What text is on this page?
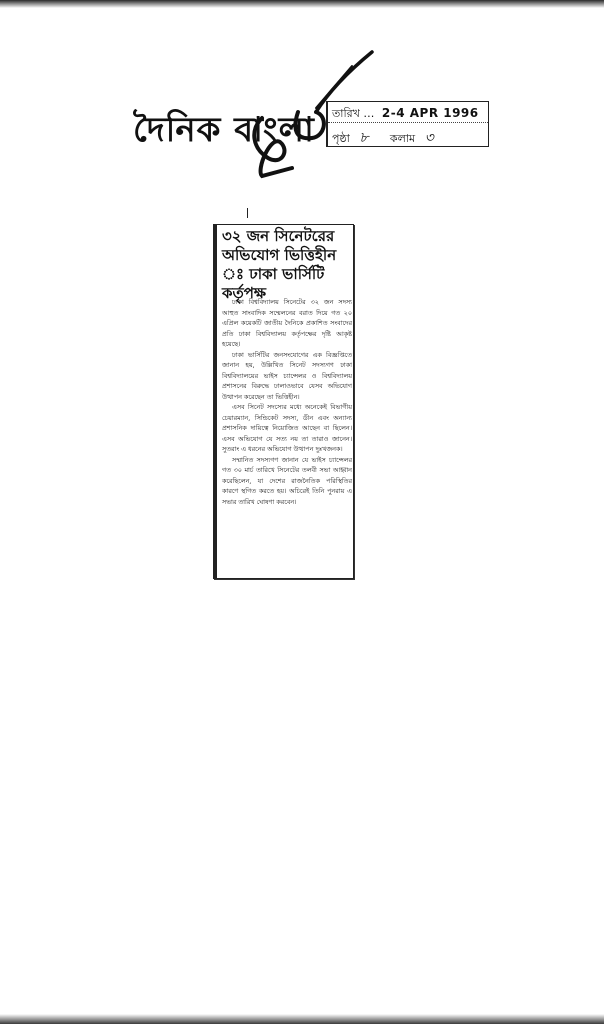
দৈনিক বাংলা তারিখ … 2-4 APR 1996
পৃষ্ঠা ৮ কলাম ৩
৩২ জন সিনেটরের অভিযোগ ভিত্তিহীন ঃ ঢাকা ভার্সিটি কর্তৃপক্ষ

ঢাকা বিশ্ববিদ্যালয় সিনেটের ৩২ জন সদস্য আহুত সাংবাদিক সম্মেলনের বরাত দিয়ে গত ২০ এপ্রিল কয়েকটি জাতীয় দৈনিকে প্রকাশিত সংবাদের প্রতি ঢাকা বিশ্ববিদ্যালয় কর্তৃপক্ষের দৃষ্টি আকৃষ্ট হয়েছে।

ঢাকা ভার্সিটির জনসংযোগের এক বিজ্ঞপ্তিতে জানান হয়, উল্লিখিত সিনেট সদস্যগণ ঢাকা বিশ্ববিদ্যালয়ের ভাইস চ্যান্সেলর ও বিশ্ববিদ্যালয় প্রশাসনের বিরুদ্ধে ঢালাওভাবে যেসব অভিযোগ উত্থাপন করেছেন তা ভিত্তিহীন।

এসব সিনেট সদস্যের মধ্যে অনেকেই বিভাগীয় চেয়ারম্যান, সিন্ডিকেট সদস্য, ডীন এবং অন্যান্য প্রশাসনিক দায়িত্বে নিয়োজিত আছেন বা ছিলেন। এসব অভিযোগ যে সত্য নয় তা তারাও জানেন। সুতরাং এ ধরনের অভিযোগ উত্থাপন দুঃখজনক।

সম্মানিত সদস্যগণ জানান যে ভাইস চ্যান্সেলর গত ৩০ মার্চ তারিখে সিনেটের তলবী সভা আহ্বান করেছিলেন, যা দেশের রাজনৈতিক পরিস্থিতির কারণে স্থগিত করতে হয়। অচিরেই তিনি পুনরায় এ সভার তারিখ ঘোষণা করবেন।
